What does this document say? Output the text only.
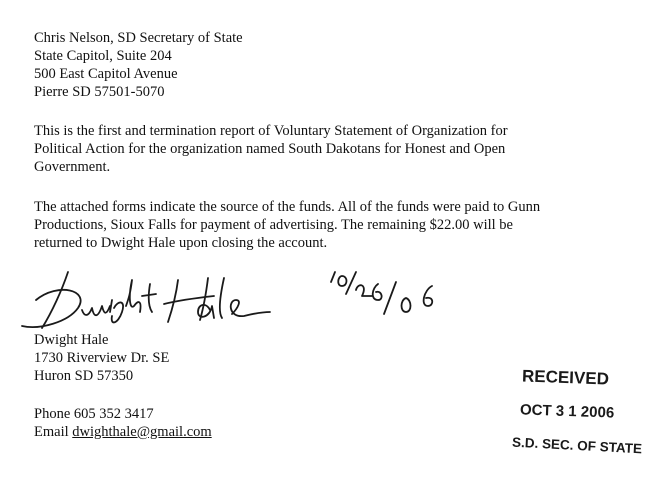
Chris Nelson, SD Secretary of State
State Capitol, Suite 204
500 East Capitol Avenue
Pierre SD 57501-5070
This is the first and termination report of Voluntary Statement of Organization for
Political Action for the organization named South Dakotans for Honest and Open
Government.
The attached forms indicate the source of the funds. All of the funds were paid to Gunn
Productions, Sioux Falls for payment of advertising. The remaining $22.00 will be
returned to Dwight Hale upon closing the account.
Dwight Hale
1730 Riverview Dr. SE
Huron SD 57350
Phone 605 352 3417
Email dwighthale@gmail.com
RECEIVED
OCT 3 1 2006
S.D. SEC. OF STATE
